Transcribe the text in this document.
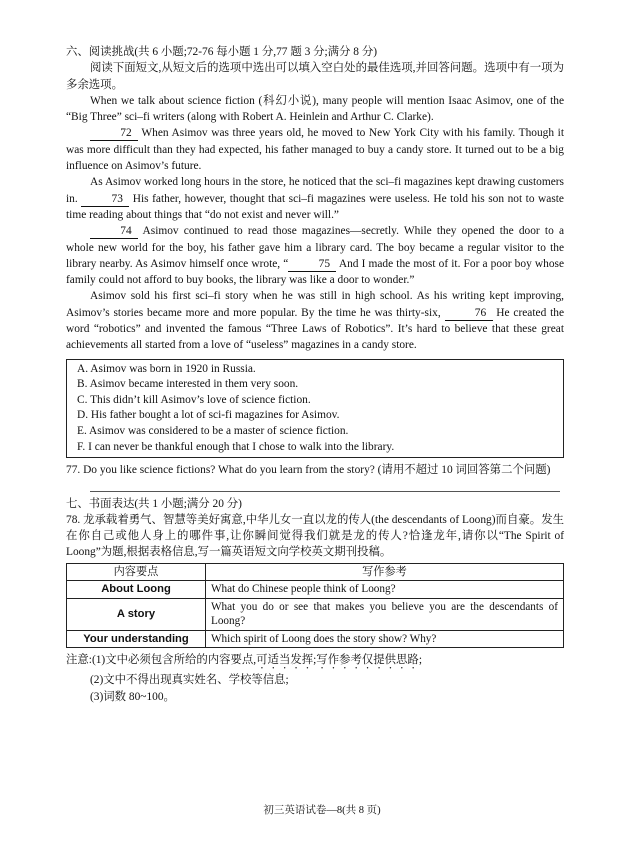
六、阅读挑战(共 6 小题;72-76 每小题 1 分,77 题 3 分;满分 8 分)

阅读下面短文,从短文后的选项中选出可以填入空白处的最佳选项,并回答问题。选项中有一项为多余选项。

When we talk about science fiction (科幻小说), many people will mention Isaac Asimov, one of the “Big Three” sci–fi writers (along with Robert A. Heinlein and Arthur C. Clarke).

72 When Asimov was three years old, he moved to New York City with his family. Though it was more difficult than they had expected, his father managed to buy a candy store. It turned out to be a big influence on Asimov’s future.

As Asimov worked long hours in the store, he noticed that the sci–fi magazines kept drawing customers in.	73 His father, however, thought that sci–fi magazines were useless. He told his son not to waste time reading about things that “do not exist and never will.”

74 Asimov continued to read those magazines—secretly. While they opened the door to a whole new world for the boy, his father gave him a library card. The boy became a regular visitor to the library nearby. As Asimov himself once wrote, “	75 And I made the most of it. For a poor boy whose family could not afford to buy books, the library was like a door to wonder.”

Asimov sold his first sci–fi story when he was still in high school. As his writing kept improving, Asimov’s stories became more and more popular. By the time he was thirty-six,	76 He created the word “robotics” and invented the famous “Three Laws of Robotics”. It’s hard to believe that these great achievements all started from a love of “useless” magazines in a candy store.

A. Asimov was born in 1920 in Russia.
B. Asimov became interested in them very soon.
C. This didn’t kill Asimov’s love of science fiction.
D. His father bought a lot of sci-fi magazines for Asimov.
E. Asimov was considered to be a master of science fiction.
F. I can never be thankful enough that I chose to walk into the library.

77. Do you like science fictions? What do you learn from the story? (请用不超过 10 词回答第二个问题)

七、书面表达(共 1 小题;满分 20 分)

78. 龙承载着勇气、智慧等美好寓意,中华儿女一直以龙的传人(the descendants of Loong)而自豪。发生在你自己或他人身上的哪件事,让你瞬间觉得我们就是龙的传人?恰逢龙年,请你以“The Spirit of Loong”为题,根据表格信息,写一篇英语短文向学校英文期刊投稿。

内容要点	写作参考
About Loong	What do Chinese people think of Loong?
A story	What you do or see that makes you believe you are the descendants of Loong?
Your understanding	Which spirit of Loong does the story show? Why?
注意:(1)文中必须包含所给的内容要点,可适当发挥;写作参考仅提供思路;
(2)文中不得出现真实姓名、学校等信息;
(3)词数 80~100。
初三英语试卷—8(共 8 页)
